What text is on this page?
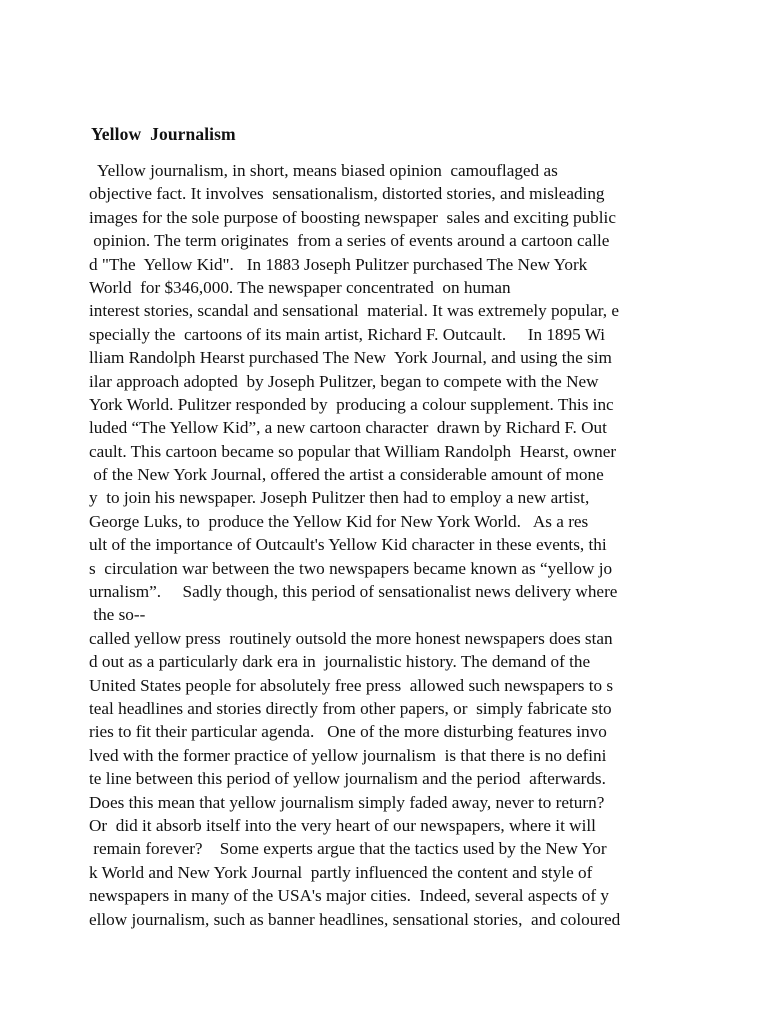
Yellow  Journalism
Yellow journalism, in short, means biased opinion  camouflaged as
objective fact. It involves  sensationalism, distorted stories, and misleading
images for the sole purpose of boosting newspaper  sales and exciting public
opinion. The term originates  from a series of events around a cartoon calle
d "The  Yellow Kid".   In 1883 Joseph Pulitzer purchased The New York
World  for $346,000. The newspaper concentrated  on human
interest stories, scandal and sensational  material. It was extremely popular, e
specially the  cartoons of its main artist, Richard F. Outcault.     In 1895 Wi
lliam Randolph Hearst purchased The New  York Journal, and using the sim
ilar approach adopted  by Joseph Pulitzer, began to compete with the New
York World. Pulitzer responded by  producing a colour supplement. This inc
luded “The Yellow Kid”, a new cartoon character  drawn by Richard F. Out
cault. This cartoon became so popular that William Randolph  Hearst, owner
of the New York Journal, offered the artist a considerable amount of mone
y  to join his newspaper. Joseph Pulitzer then had to employ a new artist,
George Luks, to  produce the Yellow Kid for New York World.   As a res
ult of the importance of Outcault's Yellow Kid character in these events, thi
s  circulation war between the two newspapers became known as “yellow jo
urnalism”.     Sadly though, this period of sensationalist news delivery where
the so--
called yellow press  routinely outsold the more honest newspapers does stan
d out as a particularly dark era in  journalistic history. The demand of the
United States people for absolutely free press  allowed such newspapers to s
teal headlines and stories directly from other papers, or  simply fabricate sto
ries to fit their particular agenda.   One of the more disturbing features invo
lved with the former practice of yellow journalism  is that there is no defini
te line between this period of yellow journalism and the period  afterwards.
Does this mean that yellow journalism simply faded away, never to return?
Or  did it absorb itself into the very heart of our newspapers, where it will
remain forever?    Some experts argue that the tactics used by the New Yor
k World and New York Journal  partly influenced the content and style of
newspapers in many of the USA's major cities.  Indeed, several aspects of y
ellow journalism, such as banner headlines, sensational stories,  and coloured
